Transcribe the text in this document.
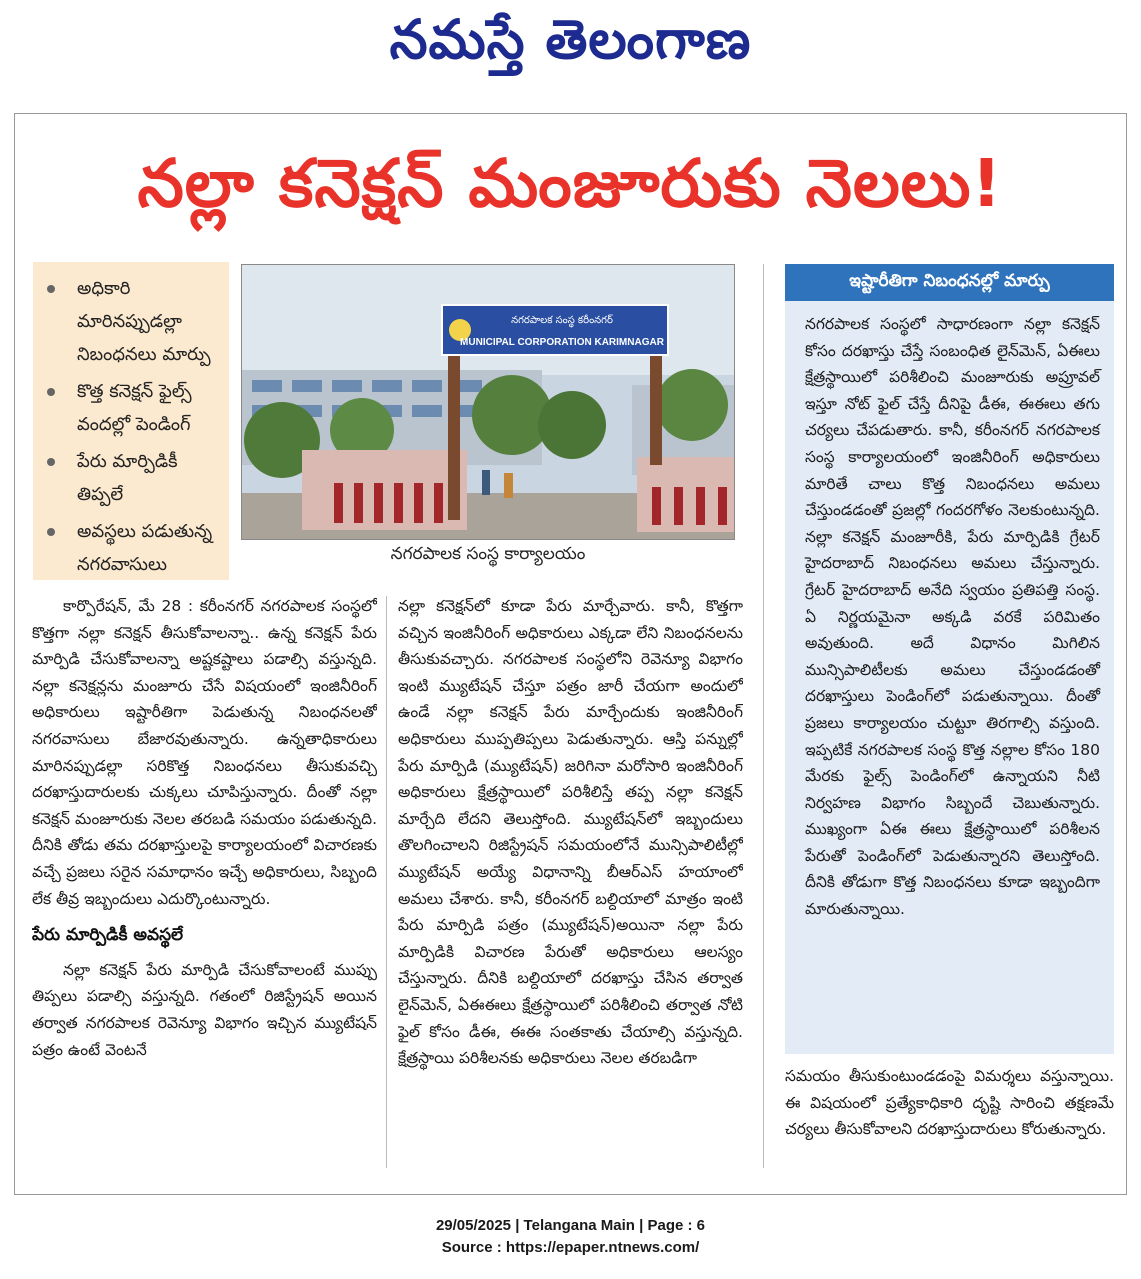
నమస్తే తెలంగాణ
నల్లా కనెక్షన్ మంజూరుకు నెలలు!
అధికారి మారినప్పుడల్లా నిబంధనలు మార్పు
కొత్త కనెక్షన్ ఫైల్స్ వందల్లో పెండింగ్
పేరు మార్పిడికీ తిప్పలే
అవస్థలు పడుతున్న నగరవాసులు
నగరపాలక సంస్థ కరీంనగర్
MUNICIPAL CORPORATION KARIMNAGAR
నగరపాలక సంస్థ కార్యాలయం
ఇష్టారీతిగా నిబంధనల్లో మార్పు
నగరపాలక సంస్థలో సాధారణంగా నల్లా కనెక్షన్ కోసం దరఖాస్తు చేస్తే సంబంధిత లైన్‌మెన్, ఏఈలు క్షేత్రస్థాయిలో పరిశీలించి మంజూరుకు అప్రూవల్ ఇస్తూ నోట్ ఫైల్ చేస్తే దీనిపై డీఈ, ఈఈలు తగు చర్యలు చేపడుతారు. కానీ, కరీంనగర్ నగరపాలక సంస్థ కార్యాలయంలో ఇంజినీరింగ్ అధికారులు మారితే చాలు కొత్త నిబంధనలు అమలు చేస్తుండడంతో ప్రజల్లో గందరగోళం నెలకుంటున్నది. నల్లా కనెక్షన్ మంజూరీకి, పేరు మార్పిడికి గ్రేటర్ హైదరాబాద్ నిబంధనలు అమలు చేస్తున్నారు. గ్రేటర్ హైదరాబాద్ అనేది స్వయం ప్రతిపత్తి సంస్థ. ఏ నిర్ణయమైనా అక్కడి వరకే పరిమితం అవుతుంది. అదే విధానం మిగిలిన మున్సిపాలిటీలకు అమలు చేస్తుండడంతో దరఖాస్తులు పెండింగ్‌లో పడుతున్నాయి. దీంతో ప్రజలు కార్యాలయం చుట్టూ తిరగాల్సి వస్తుంది. ఇప్పటికే నగరపాలక సంస్థ కొత్త నల్లాల కోసం 180 మేరకు ఫైల్స్ పెండింగ్‌లో ఉన్నాయని నీటి నిర్వహణ విభాగం సిబ్బందే చెబుతున్నారు. ముఖ్యంగా ఏఈ ఈలు క్షేత్రస్థాయిలో పరిశీలన పేరుతో పెండింగ్‌లో పెడుతున్నారని తెలుస్తోంది. దీనికి తోడుగా కొత్త నిబంధనలు కూడా ఇబ్బందిగా మారుతున్నాయి.

కార్పొరేషన్, మే 28 : కరీంనగర్ నగరపాలక సంస్థలో కొత్తగా నల్లా కనెక్షన్ తీసుకోవాలన్నా.. ఉన్న కనెక్షన్ పేరు మార్పిడి చేసుకోవాలన్నా అష్టకష్టాలు పడాల్సి వస్తున్నది. నల్లా కనెక్షన్లను మంజూరు చేసే విషయంలో ఇంజినీరింగ్ అధికారులు ఇష్టారీతిగా పెడుతున్న నిబంధనలతో నగరవాసులు బేజారవుతున్నారు. ఉన్నతాధికారులు మారినప్పుడల్లా సరికొత్త నిబంధనలు తీసుకువచ్చి దరఖాస్తుదారులకు చుక్కలు చూపిస్తున్నారు. దీంతో నల్లా కనెక్షన్ మంజూరుకు నెలల తరబడి సమయం పడుతున్నది. దీనికి తోడు తమ దరఖాస్తులపై కార్యాలయంలో విచారణకు వచ్చే ప్రజలు సరైన సమాధానం ఇచ్చే అధికారులు, సిబ్బంది లేక తీవ్ర ఇబ్బందులు ఎదుర్కొంటున్నారు.

పేరు మార్పిడికీ అవస్థలే

నల్లా కనెక్షన్ పేరు మార్పిడి చేసుకోవాలంటే ముప్పు తిప్పలు పడాల్సి వస్తున్నది. గతంలో రిజిస్ట్రేషన్ అయిన తర్వాత నగరపాలక రెవెన్యూ విభాగం ఇచ్చిన మ్యుటేషన్ పత్రం ఉంటే వెంటనే

నల్లా కనెక్షన్‌లో కూడా పేరు మార్చేవారు. కానీ, కొత్తగా వచ్చిన ఇంజినీరింగ్ అధికారులు ఎక్కడా లేని నిబంధనలను తీసుకువచ్చారు. నగరపాలక సంస్థలోని రెవెన్యూ విభాగం ఇంటి మ్యుటేషన్ చేస్తూ పత్రం జారీ చేయగా అందులో ఉండే నల్లా కనెక్షన్ పేరు మార్చేందుకు ఇంజినీరింగ్ అధికారులు ముప్పతిప్పలు పెడుతున్నారు. ఆస్తి పన్నుల్లో పేరు మార్పిడి (మ్యుటేషన్) జరిగినా మరోసారి ఇంజినీరింగ్ అధికారులు క్షేత్రస్థాయిలో పరిశీలిస్తే తప్ప నల్లా కనెక్షన్ మార్చేది లేదని తెలుస్తోంది. మ్యుటేషన్‌లో ఇబ్బందులు తొలగించాలని రిజిస్ట్రేషన్ సమయంలోనే మున్సిపాలిటీల్లో మ్యుటేషన్ అయ్యే విధానాన్ని బీఆర్ఎస్ హయాంలో అమలు చేశారు. కానీ, కరీంనగర్ బల్దియాలో మాత్రం ఇంటి పేరు మార్పిడి పత్రం (మ్యుటేషన్)అయినా నల్లా పేరు మార్పిడికి విచారణ పేరుతో అధికారులు ఆలస్యం చేస్తున్నారు. దీనికి బల్దియాలో దరఖాస్తు చేసిన తర్వాత లైన్‌మెన్, ఏఈఈలు క్షేత్రస్థాయిలో పరిశీలించి తర్వాత నోటి ఫైల్ కోసం డీఈ, ఈఈ సంతకాతు చేయాల్సి వస్తున్నది. క్షేత్రస్థాయి పరిశీలనకు అధికారులు నెలల తరబడిగా

సమయం తీసుకుంటుండడంపై విమర్శలు వస్తున్నాయి. ఈ విషయంలో ప్రత్యేకాధికారి దృష్టి సారించి తక్షణమే చర్యలు తీసుకోవాలని దరఖాస్తుదారులు కోరుతున్నారు.

29/05/2025 | Telangana Main | Page : 6
Source : https://epaper.ntnews.com/
